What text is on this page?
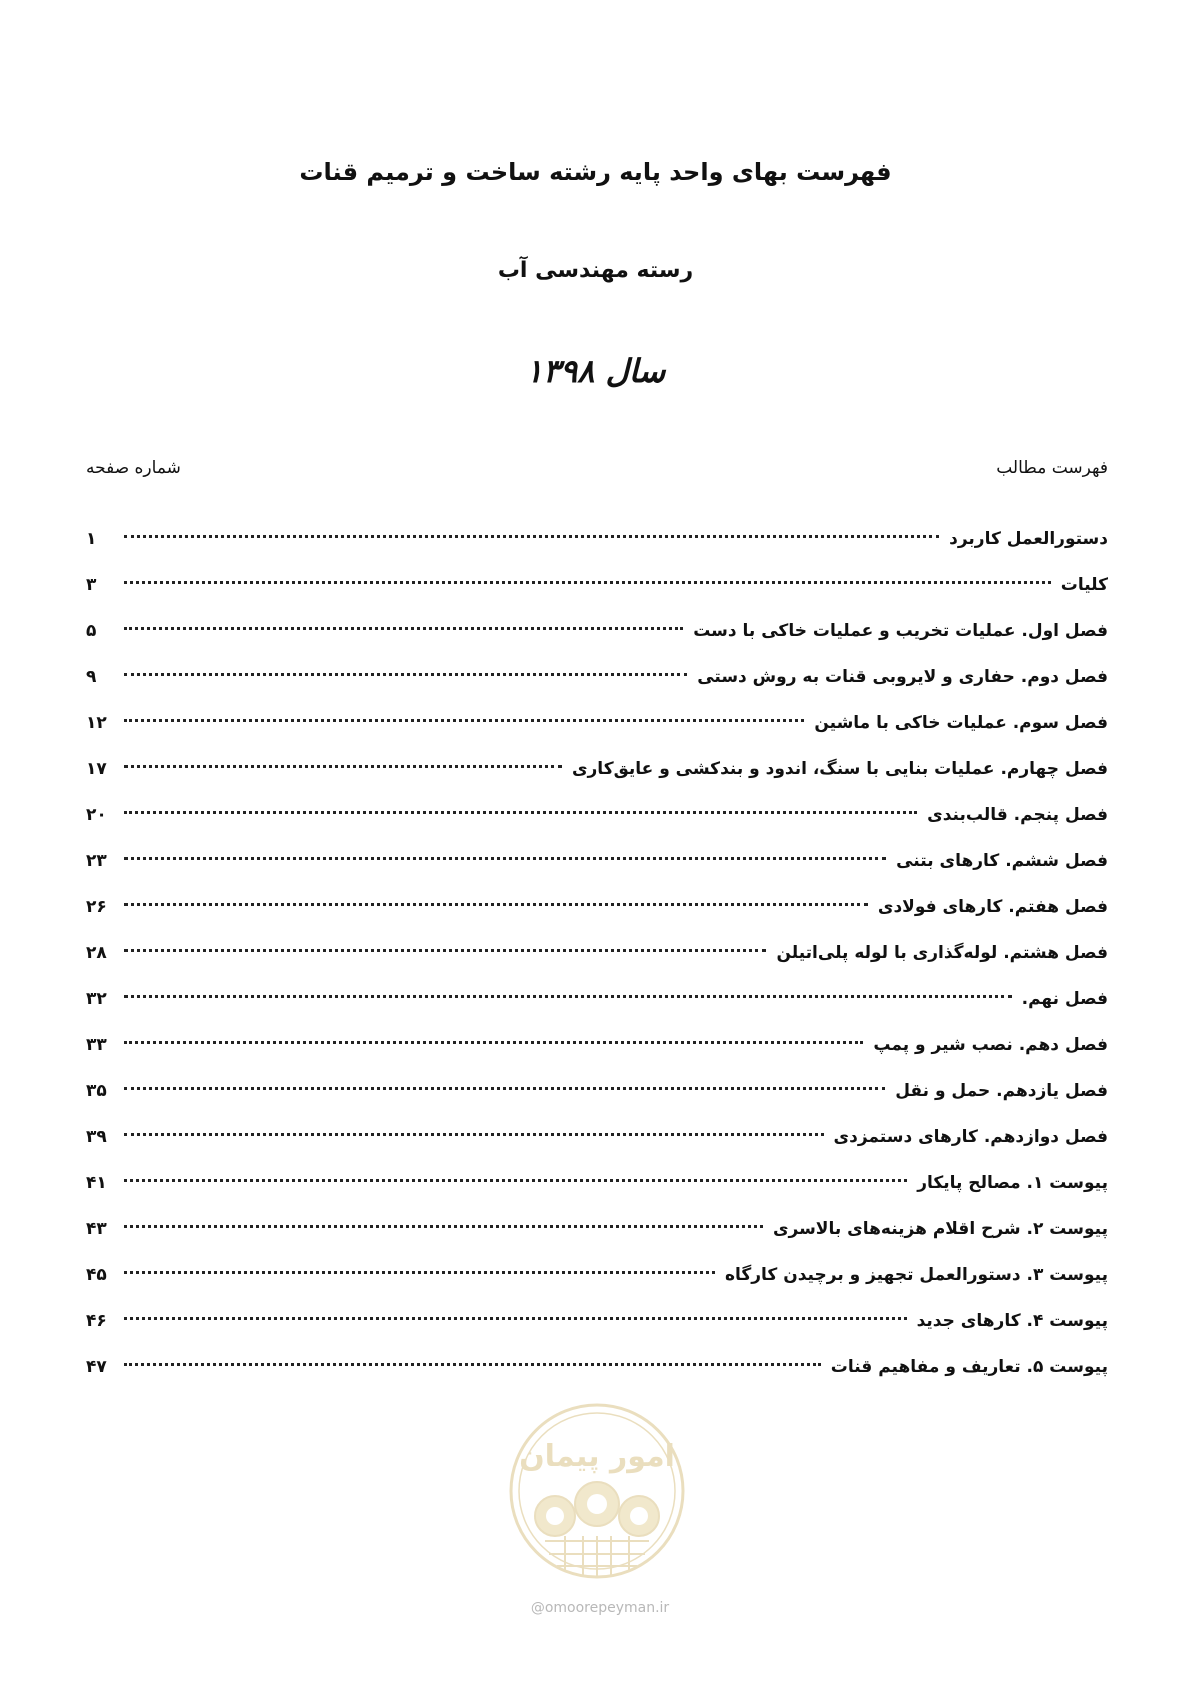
فهرست بهای واحد پایه رشته ساخت و ترمیم قنات
رسته مهندسی آب
سال ۱۳۹۸
فهرست مطالب
شماره صفحه
دستورالعمل کاربرد
۱
کلیات
۳
فصل اول. عملیات تخریب و عملیات خاکی با دست
۵
فصل دوم. حفاری و لایروبی قنات به روش دستی
۹
فصل سوم. عملیات خاکی با ماشین
۱۲
فصل چهارم. عملیات بنایی با سنگ، اندود و بندکشی و عایق‌کاری
۱۷
فصل پنجم. قالب‌بندی
۲۰
فصل ششم. کارهای بتنی
۲۳
فصل هفتم. کارهای فولادی
۲۶
فصل هشتم. لوله‌گذاری با لوله پلی‌اتیلن
۲۸
فصل نهم.
۳۲
فصل دهم. نصب شیر و پمپ
۳۳
فصل یازدهم. حمل و نقل
۳۵
فصل دوازدهم. کارهای دستمزدی
۳۹
پیوست ۱. مصالح پایکار
۴۱
پیوست ۲. شرح اقلام هزینه‌های بالاسری
۴۳
پیوست ۳. دستورالعمل تجهیز و برچیدن کارگاه
۴۵
پیوست ۴. کارهای جدید
۴۶
پیوست ۵. تعاریف و مفاهیم قنات
۴۷
امور پیمان
@omoorepeyman.ir
